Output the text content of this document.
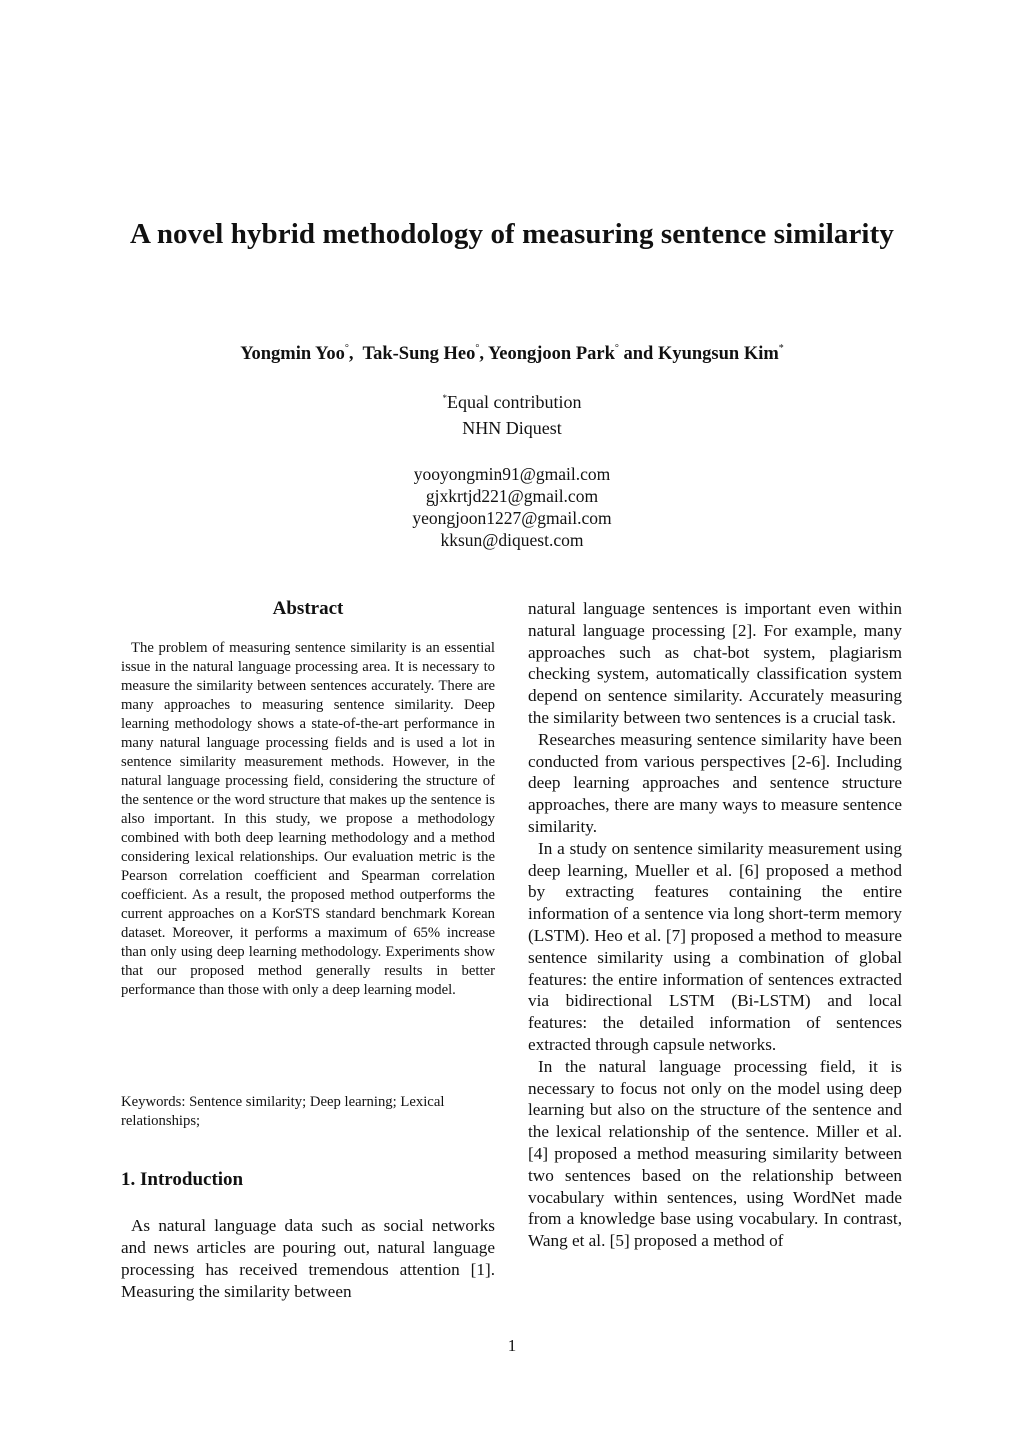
A novel hybrid methodology of measuring sentence similarity
Yongmin Yoo°,  Tak-Sung Heo°, Yeongjoon Park° and Kyungsun Kim*
*Equal contribution
NHN Diquest
yooyongmin91@gmail.com
gjxkrtjd221@gmail.com
yeongjoon1227@gmail.com
kksun@diquest.com
Abstract
The problem of measuring sentence similarity is an essential issue in the natural language processing area. It is necessary to measure the similarity between sentences accurately. There are many approaches to measuring sentence similarity. Deep learning methodology shows a state-of-the-art performance in many natural language processing fields and is used a lot in sentence similarity measurement methods. However, in the natural language processing field, considering the structure of the sentence or the word structure that makes up the sentence is also important. In this study, we propose a methodology combined with both deep learning methodology and a method considering lexical relationships. Our evaluation metric is the Pearson correlation coefficient and Spearman correlation coefficient. As a result, the proposed method outperforms the current approaches on a KorSTS standard benchmark Korean dataset. Moreover, it performs a maximum of 65% increase than only using deep learning methodology. Experiments show that our proposed method generally results in better performance than those with only a deep learning model.
Keywords: Sentence similarity; Deep learning; Lexical relationships;
1. Introduction
As natural language data such as social networks and news articles are pouring out, natural language processing has received tremendous attention [1]. Measuring the similarity between

natural language sentences is important even within natural language processing [2]. For example, many approaches such as chat-bot system, plagiarism checking system, automatically classification system depend on sentence similarity. Accurately measuring the similarity between two sentences is a crucial task.

Researches measuring sentence similarity have been conducted from various perspectives [2-6]. Including deep learning approaches and sentence structure approaches, there are many ways to measure sentence similarity.

In a study on sentence similarity measurement using deep learning, Mueller et al. [6] proposed a method by extracting features containing the entire information of a sentence via long short-term memory (LSTM). Heo et al. [7] proposed a method to measure sentence similarity using a combination of global features: the entire information of sentences extracted via bidirectional LSTM (Bi-LSTM) and local features: the detailed information of sentences extracted through capsule networks.

In the natural language processing field, it is necessary to focus not only on the model using deep learning but also on the structure of the sentence and the lexical relationship of the sentence. Miller et al. [4] proposed a method measuring similarity between two sentences based on the relationship between vocabulary within sentences, using WordNet made from a knowledge base using vocabulary. In contrast, Wang et al. [5] proposed a method of

1
